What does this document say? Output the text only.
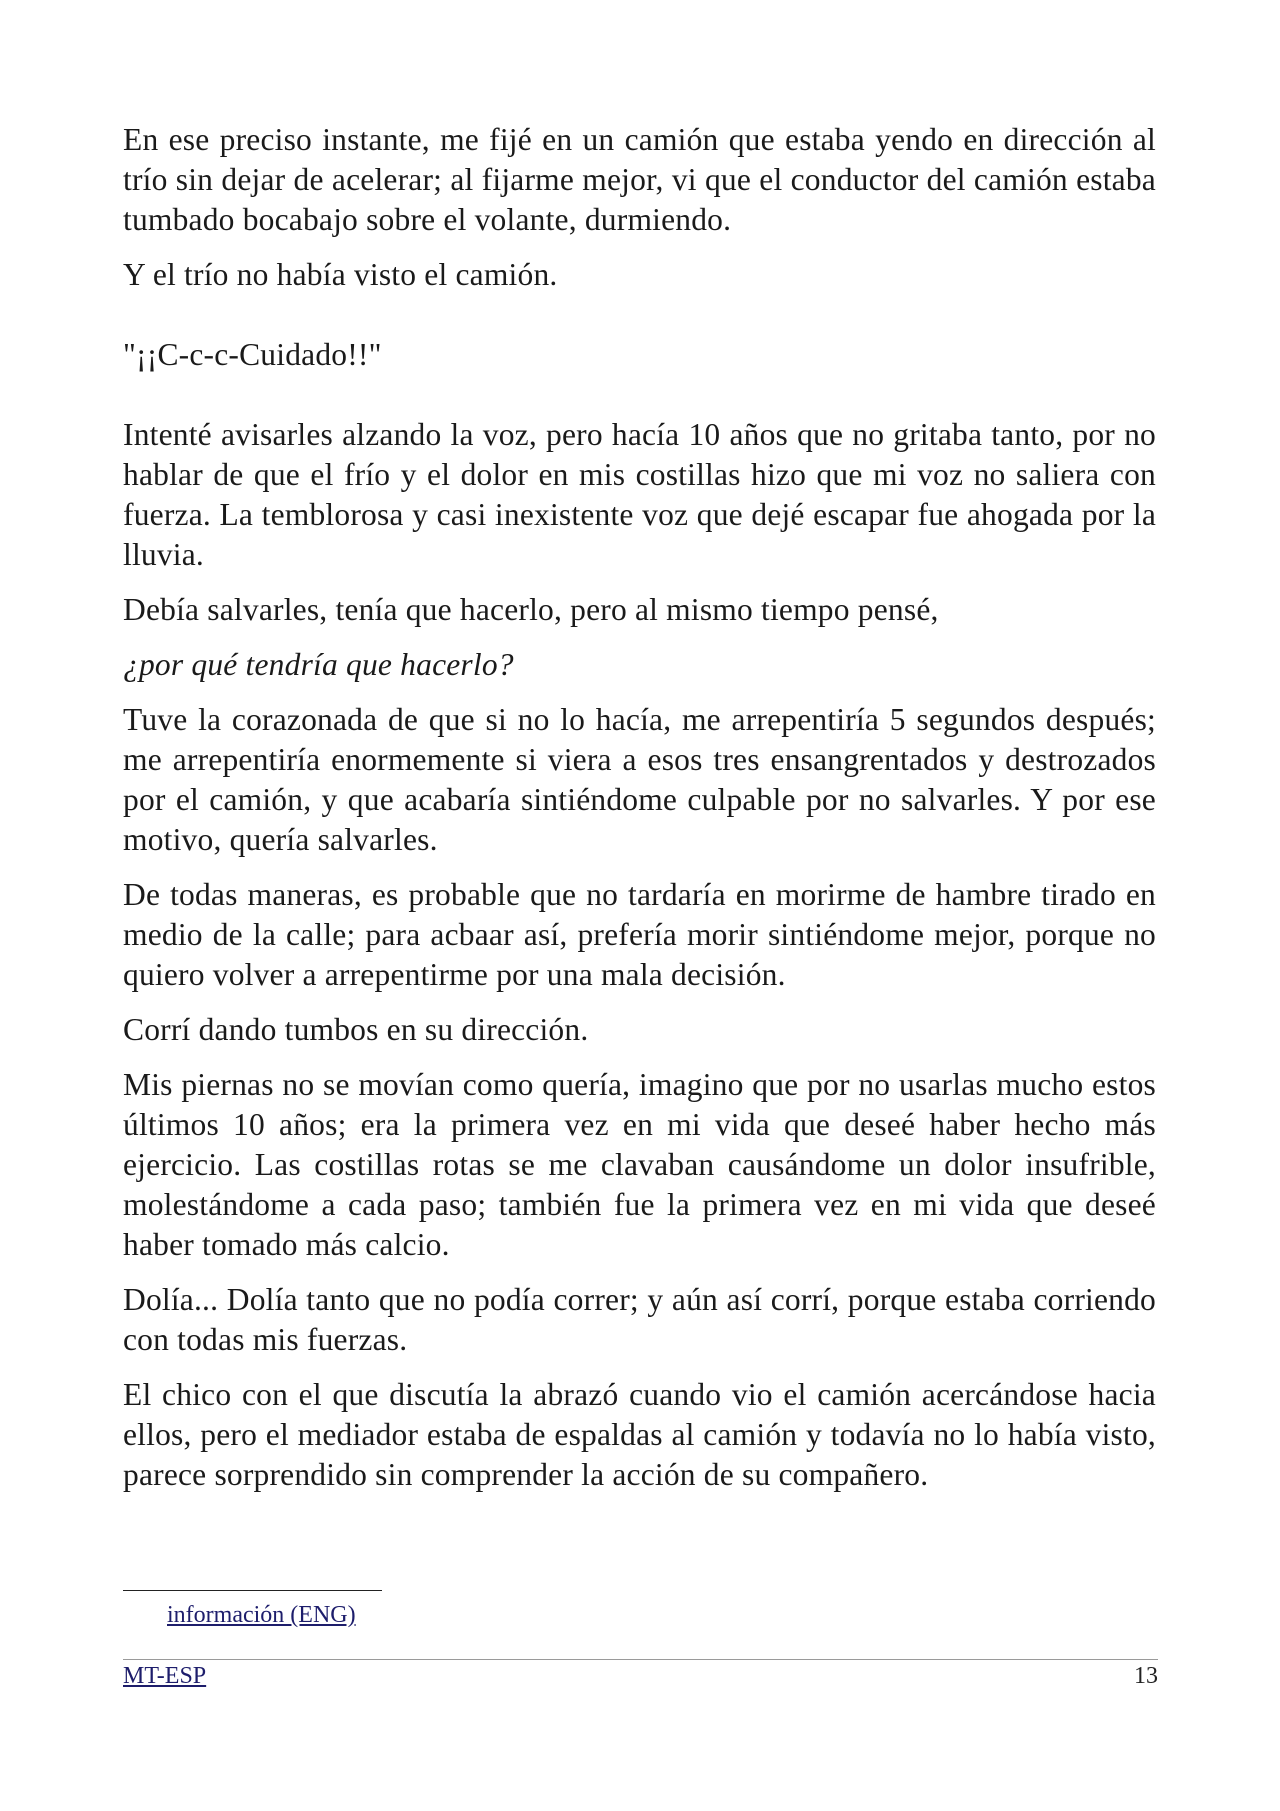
En ese preciso instante, me fijé en un camión que estaba yendo en dirección al trío sin dejar de acelerar; al fijarme mejor, vi que el conductor del camión estaba tumbado bocabajo sobre el volante, durmiendo.

Y el trío no había visto el camión.

"¡¡C-c-c-Cuidado!!"

Intenté avisarles alzando la voz, pero hacía 10 años que no gritaba tanto, por no hablar de que el frío y el dolor en mis costillas hizo que mi voz no saliera con fuerza. La temblorosa y casi inexistente voz que dejé escapar fue ahogada por la lluvia.

Debía salvarles, tenía que hacerlo, pero al mismo tiempo pensé,

¿por qué tendría que hacerlo?

Tuve la corazonada de que si no lo hacía, me arrepentiría 5 segundos después; me arrepentiría enormemente si viera a esos tres ensangrentados y destrozados por el camión, y que acabaría sintiéndome culpable por no salvarles. Y por ese motivo, quería salvarles.

De todas maneras, es probable que no tardaría en morirme de hambre tirado en medio de la calle; para acbaar así, prefería morir sintiéndome mejor, porque no quiero volver a arrepentirme por una mala decisión.

Corrí dando tumbos en su dirección.

Mis piernas no se movían como quería, imagino que por no usarlas mucho estos últimos 10 años; era la primera vez en mi vida que deseé haber hecho más ejercicio. Las costillas rotas se me clavaban causándome un dolor insufrible, molestándome a cada paso; también fue la primera vez en mi vida que deseé haber tomado más calcio.

Dolía... Dolía tanto que no podía correr; y aún así corrí, porque estaba corriendo con todas mis fuerzas.

El chico con el que discutía la abrazó cuando vio el camión acercándose hacia ellos, pero el mediador estaba de espaldas al camión y todavía no lo había visto, parece sorprendido sin comprender la acción de su compañero.

información (ENG)
MT-ESP	13
